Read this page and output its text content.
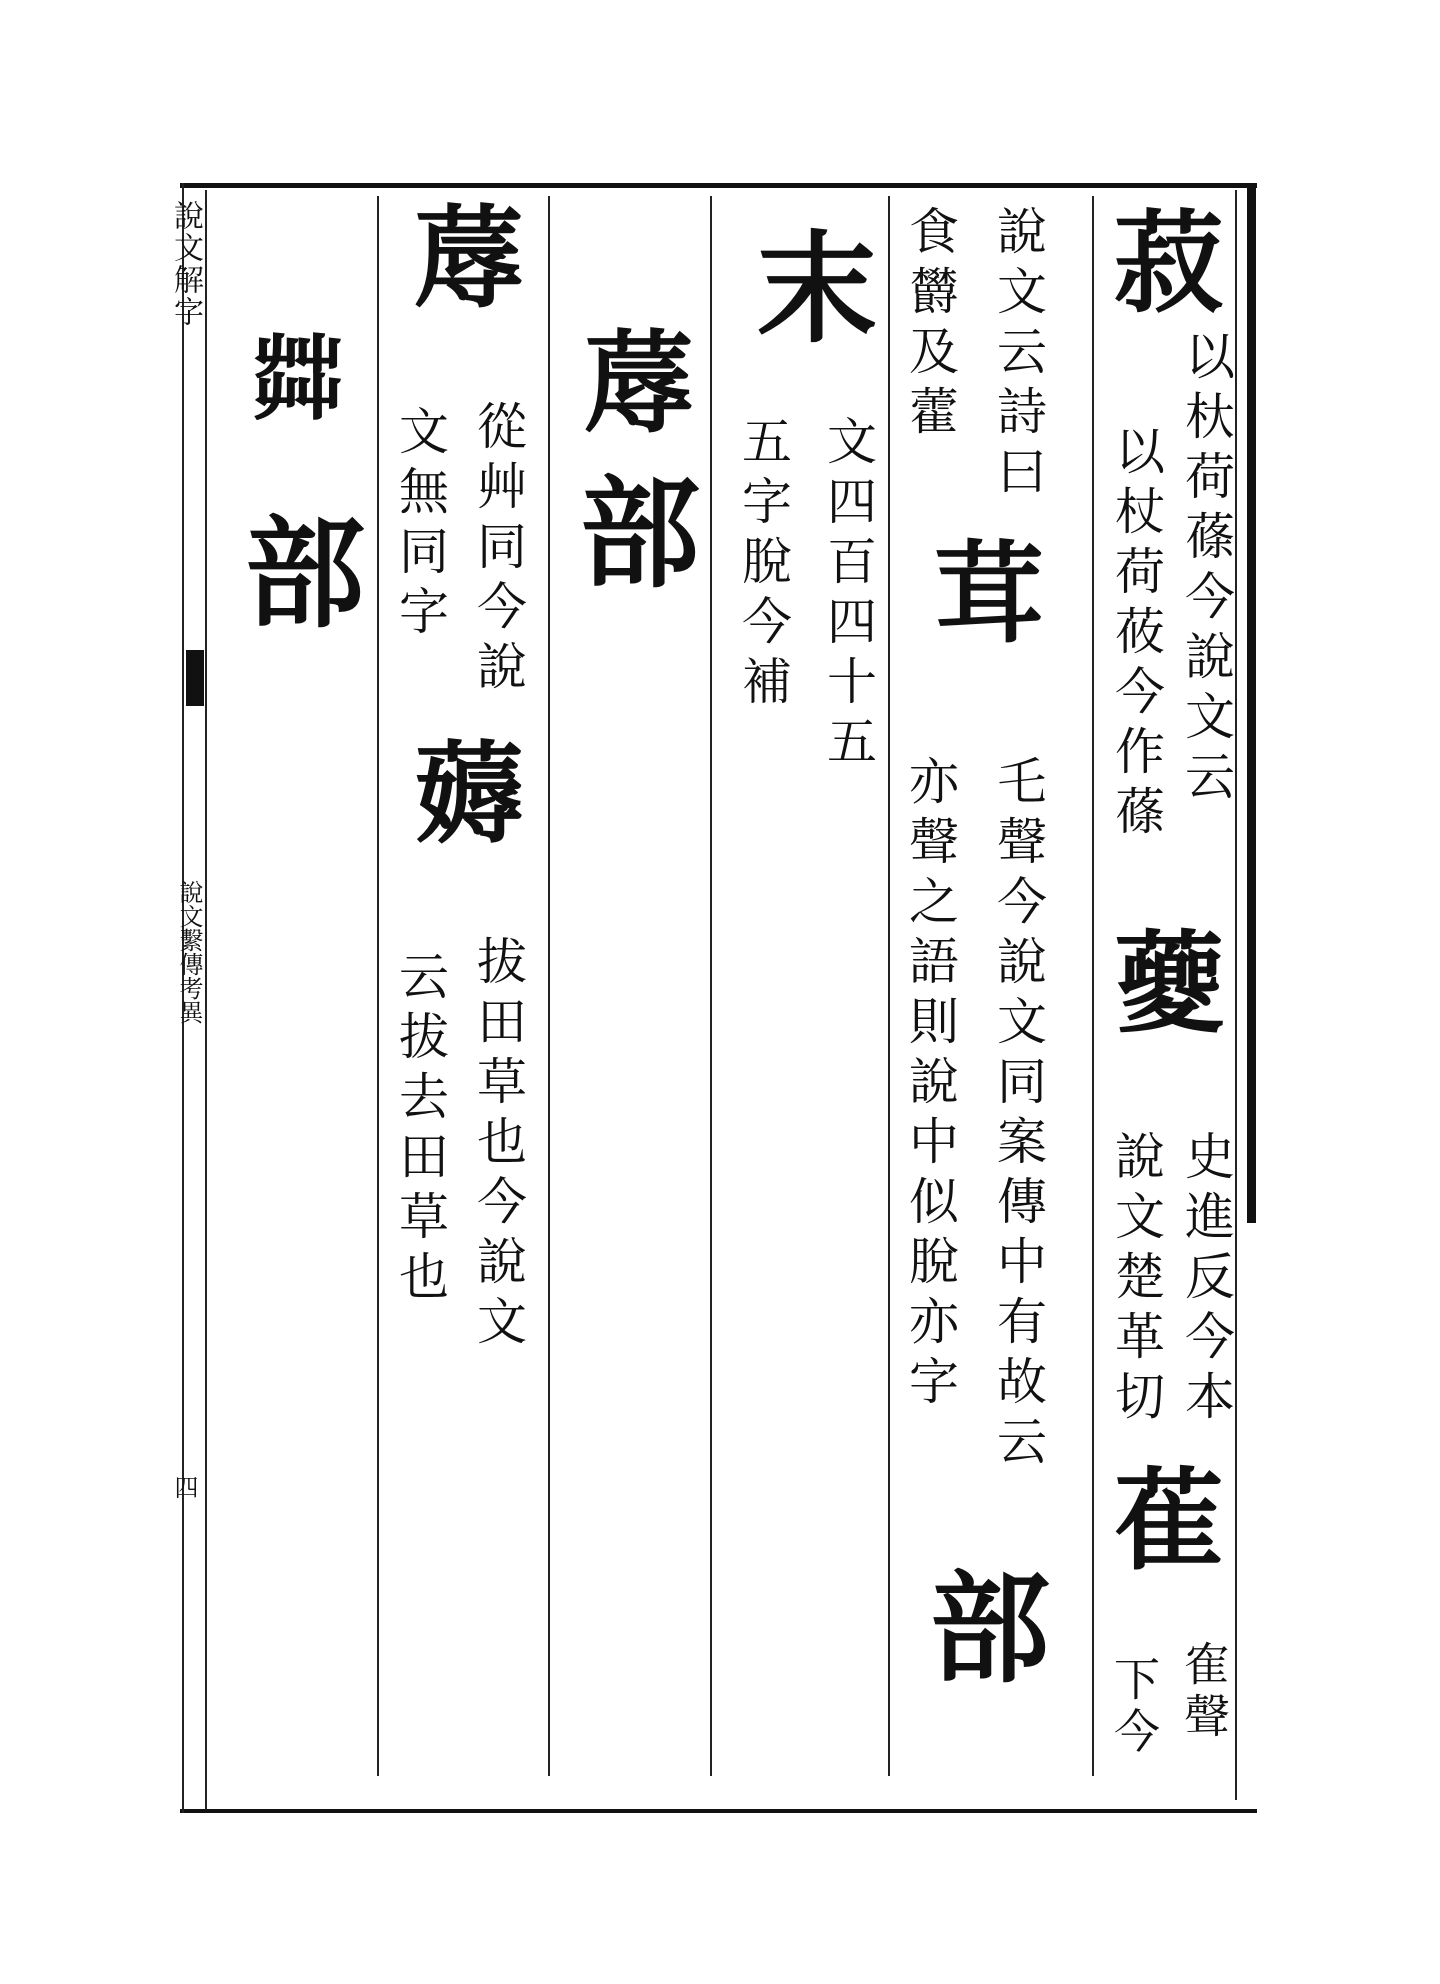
說文解字
說文繫傳考異
四
菽
以杕荷蓧今說文云
以杖荷莜今作蓧
䕫
史進反今本
說文楚革切
萑
隺聲
下今
說文云詩曰
食欝及藿
茸
乇聲今說文同案傳中有故云
亦聲之語則說中似脫亦字
部
末
文四百四十五
五字脫今補
蓐
部
蓐
從艸同今說
文無同字
薅
拔田草也今說文
云拔去田草也
茻
部
